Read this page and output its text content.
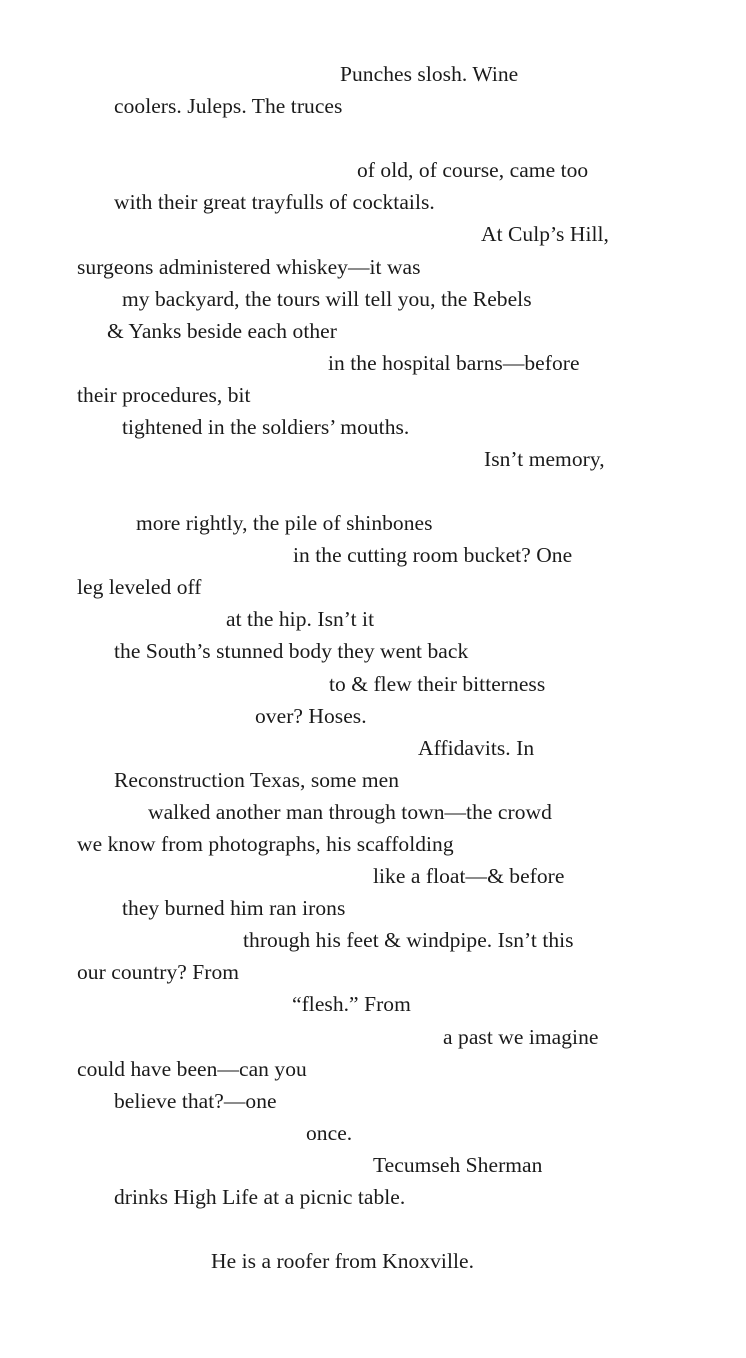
Punches slosh. Wine
coolers. Juleps. The truces
of old, of course, came too
with their great trayfulls of cocktails.
At Culp’s Hill,
surgeons administered whiskey—it was
my backyard, the tours will tell you, the Rebels
& Yanks beside each other
in the hospital barns—before
their procedures, bit
tightened in the soldiers’ mouths.
Isn’t memory,
more rightly, the pile of shinbones
in the cutting room bucket? One
leg leveled off
at the hip. Isn’t it
the South’s stunned body they went back
to & flew their bitterness
over? Hoses.
Affidavits. In
Reconstruction Texas, some men
walked another man through town—the crowd
we know from photographs, his scaffolding
like a float—& before
they burned him ran irons
through his feet & windpipe. Isn’t this
our country? From
“flesh.” From
a past we imagine
could have been—can you
believe that?—one
once.
Tecumseh Sherman
drinks High Life at a picnic table.
He is a roofer from Knoxville.
